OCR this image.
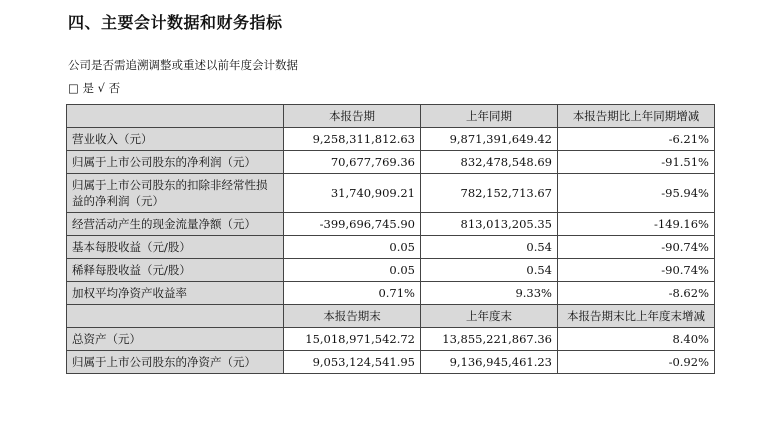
四、主要会计数据和财务指标
公司是否需追溯调整或重述以前年度会计数据
□ 是 √ 否
	本报告期	上年同期	本报告期比上年同期增减
营业收入（元）	9,258,311,812.63	9,871,391,649.42	-6.21%
归属于上市公司股东的净利润（元）	70,677,769.36	832,478,548.69	-91.51%
归属于上市公司股东的扣除非经常性损益的净利润（元）	31,740,909.21	782,152,713.67	-95.94%
经营活动产生的现金流量净额（元）	-399,696,745.90	813,013,205.35	-149.16%
基本每股收益（元/股）	0.05	0.54	-90.74%
稀释每股收益（元/股）	0.05	0.54	-90.74%
加权平均净资产收益率	0.71%	9.33%	-8.62%
	本报告期末	上年度末	本报告期末比上年度末增减
总资产（元）	15,018,971,542.72	13,855,221,867.36	8.40%
归属于上市公司股东的净资产（元）	9,053,124,541.95	9,136,945,461.23	-0.92%
